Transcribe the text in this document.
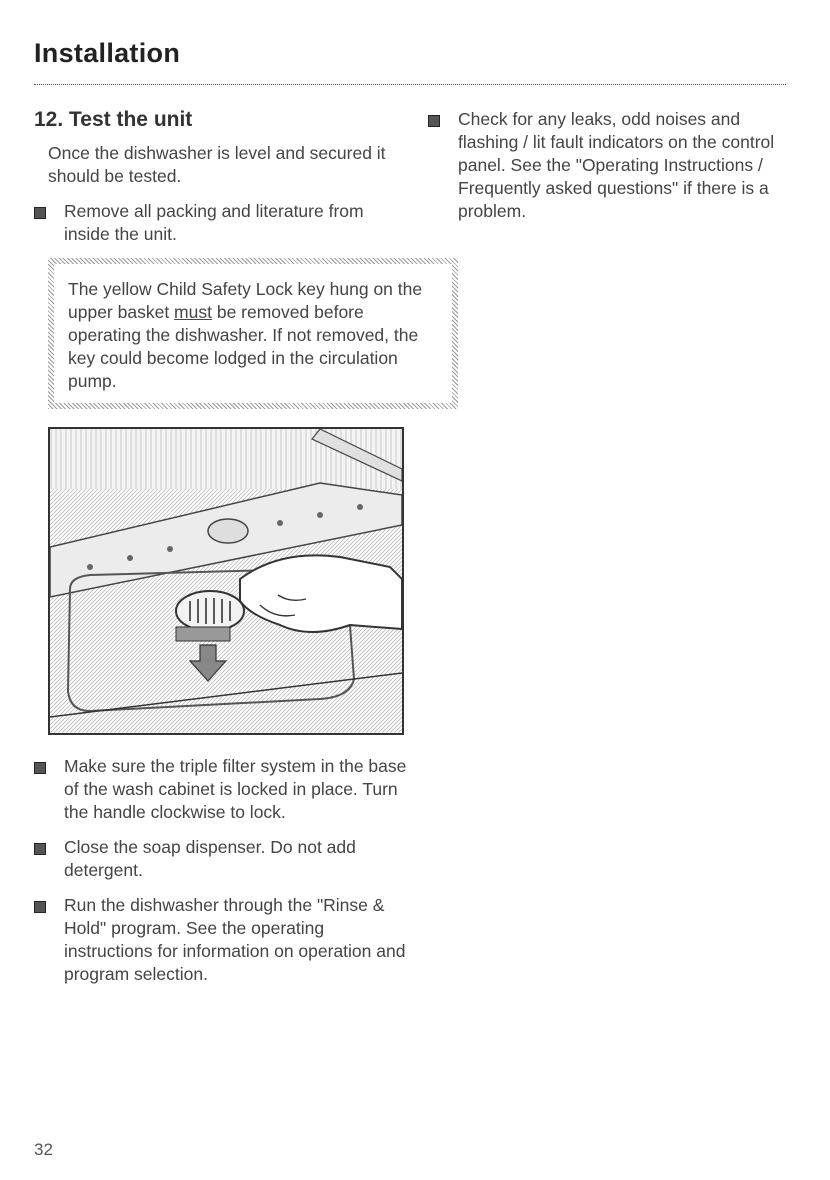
Installation
12. Test the unit

Once the dishwasher is level and secured it should be tested.

Remove all packing and literature from inside the unit.
The yellow Child Safety Lock key hung on the upper basket must be removed before operating the dishwasher. If not removed, the key could become lodged in the circulation pump.
Make sure the triple filter system in the base of the wash cabinet is locked in place. Turn the handle clockwise to lock.
Close the soap dispenser. Do not add detergent.
Run the dishwasher through the "Rinse & Hold" program. See the operating instructions for information on operation and program selection.
Check for any leaks, odd noises and flashing / lit fault indicators on the control panel. See the "Operating Instructions / Frequently asked questions" if there is a problem.
32
